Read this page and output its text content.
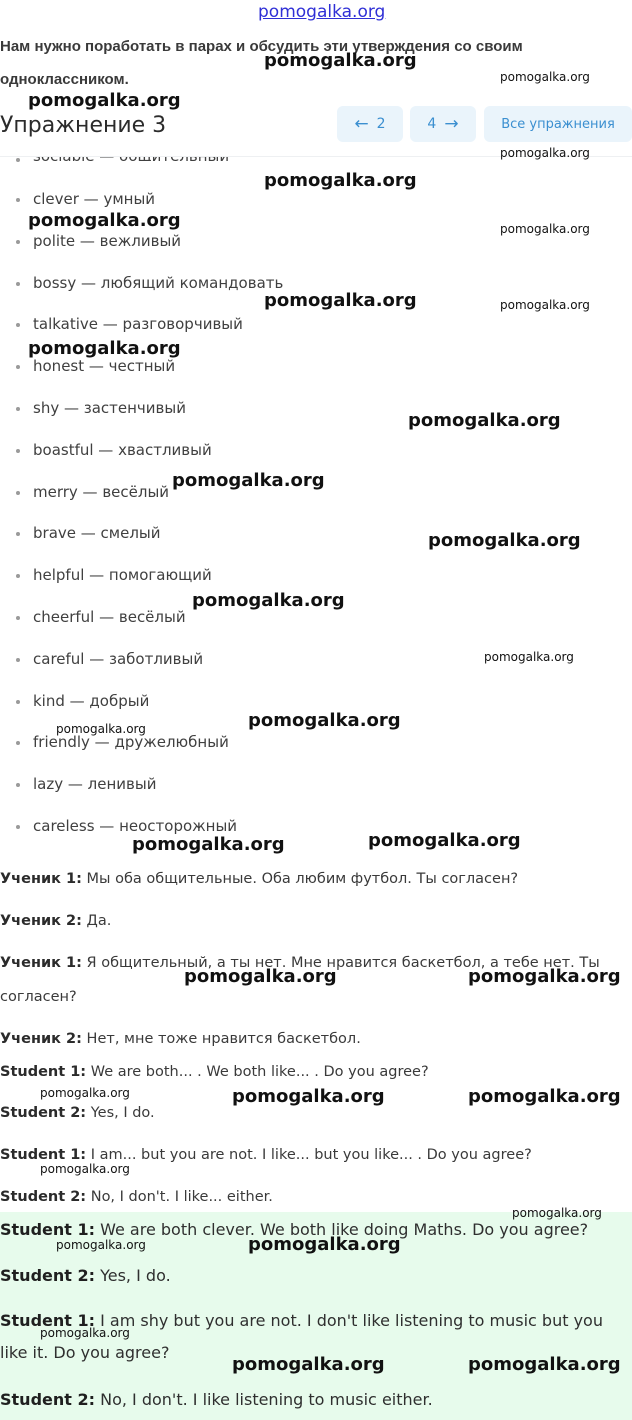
pomogalka.org
Нам нужно поработать в парах и обсудить эти утверждения со своим одноклассником.
Упражнение 3	← 2	4 →	Все упражнения
clever — умный
polite — вежливый
bossy — любящий командовать
talkative — разговорчивый
honest — честный
shy — застенчивый
boastful — хвастливый
merry — весёлый
brave — смелый
helpful — помогающий
cheerful — весёлый
careful — заботливый
kind — добрый
friendly — дружелюбный
lazy — ленивый
careless — неосторожный
Ученик 1: Мы оба общительные. Оба любим футбол. Ты согласен?
Ученик 2: Да.
Ученик 1: Я общительный, а ты нет. Мне нравится баскетбол, а тебе нет. Ты согласен?
Ученик 2: Нет, мне тоже нравится баскетбол.
Student 1: We are both... . We both like... . Do you agree?
Student 2: Yes, I do.
Student 1: I am... but you are not. I like... but you like... . Do you agree?
Student 2: No, I don't. I like... either.
Student 1: We are both clever. We both like doing Maths. Do you agree?
Student 2: Yes, I do.
Student 1: I am shy but you are not. I don't like listening to music but you like it. Do you agree?
Student 2: No, I don't. I like listening to music either.
pomogalka.org
pomogalka.org
pomogalka.org
pomogalka.org
pomogalka.org
pomogalka.org	pomogalka.org
pomogalka.org	pomogalka.org
pomogalka.org
pomogalka.org
pomogalka.org
pomogalka.org
pomogalka.org
pomogalka.org
pomogalka.org
pomogalka.org
pomogalka.org
pomogalka.org
pomogalka.org	pomogalka.org
pomogalka.org	pomogalka.org	pomogalka.org
pomogalka.org
pomogalka.org
pomogalka.org	pomogalka.org
pomogalka.org
pomogalka.org	pomogalka.org
